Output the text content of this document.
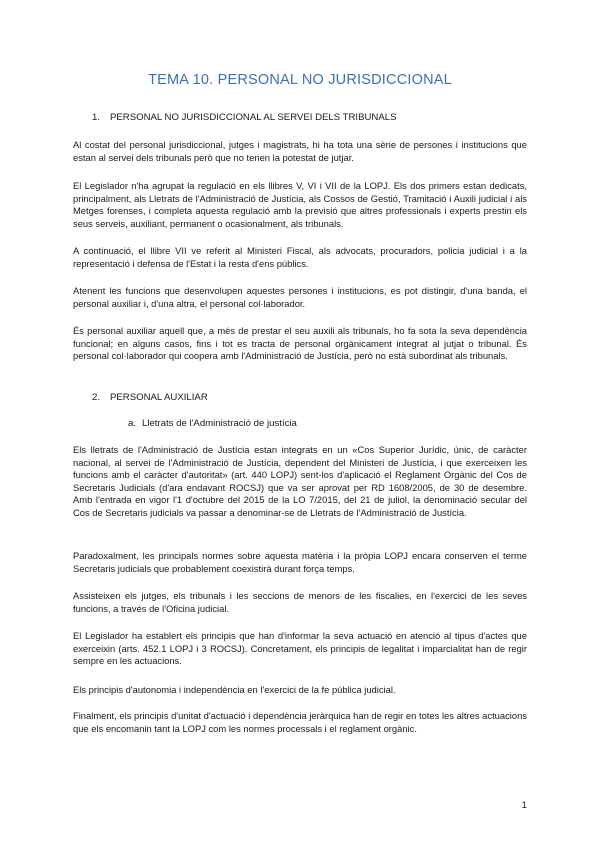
TEMA 10. PERSONAL NO JURISDICCIONAL
1. PERSONAL NO JURISDICCIONAL AL SERVEI DELS TRIBUNALS

Al costat del personal jurisdiccional, jutges i magistrats, hi ha tota una sèrie de persones i institucions que estan al servei dels tribunals però que no tenen la potestat de jutjar.

El Legislador n'ha agrupat la regulació en els llibres V, VI i VII de la LOPJ. Els dos primers estan dedicats, principalment, als Lletrats de l'Administració de Justícia, als Cossos de Gestió, Tramitació i Auxili judicial i als Metges forenses, i completa aquesta regulació amb la previsió que altres professionals i experts prestin els seus serveis, auxiliant, permanent o ocasionalment, als tribunals.

A continuació, el llibre VII ve referit al Ministeri Fiscal, als advocats, procuradors, policia judicial i a la representació i defensa de l'Estat i la resta d'ens públics.

Atenent les funcions que desenvolupen aquestes persones i institucions, es pot distingir, d'una banda, el personal auxiliar i, d'una altra, el personal col·laborador.

És personal auxiliar aquell que, a més de prestar el seu auxili als tribunals, ho fa sota la seva dependència funcional; en alguns casos, fins i tot es tracta de personal orgànicament integrat al jutjat o tribunal. És personal col·laborador qui coopera amb l'Administració de Justícia, però no està subordinat als tribunals.

2. PERSONAL AUXILIAR
a. Lletrats de l'Administració de justícia

Els lletrats de l'Administració de Justícia estan integrats en un «Cos Superior Jurídic, únic, de caràcter nacional, al servei de l'Administració de Justícia, dependent del Ministeri de Justícia, i que exerceixen les funcions amb el caràcter d'autoritat» (art. 440 LOPJ) sent-los d'aplicació el Reglament Orgànic del Cos de Secretaris Judicials (d'ara endavant ROCSJ) que va ser aprovat per RD 1608/2005, de 30 de desembre. Amb l'entrada en vigor l'1 d'octubre del 2015 de la LO 7/2015, del 21 de juliol, la denominació secular del Cos de Secretaris judicials va passar a denominar-se de Lletrats de l'Administració de Justícia.

Paradoxalment, les principals normes sobre aquesta matèria i la pròpia LOPJ encara conserven el terme Secretaris judicials que probablement coexistirà durant força temps.

Assisteixen els jutges, els tribunals i les seccions de menors de les fiscalies, en l'exercici de les seves funcions, a través de l'Oficina judicial.

El Legislador ha establert els principis que han d'informar la seva actuació en atenció al tipus d'actes que exerceixin (arts. 452.1 LOPJ i 3 ROCSJ). Concretament, els principis de legalitat i imparcialitat han de regir sempre en les actuacions.

Els principis d'autonomia i independència en l'exercici de la fe pública judicial.

Finalment, els principis d'unitat d'actuació i dependència jeràrquica han de regir en totes les altres actuacions que els encomanin tant la LOPJ com les normes processals i el reglament orgànic.

1
